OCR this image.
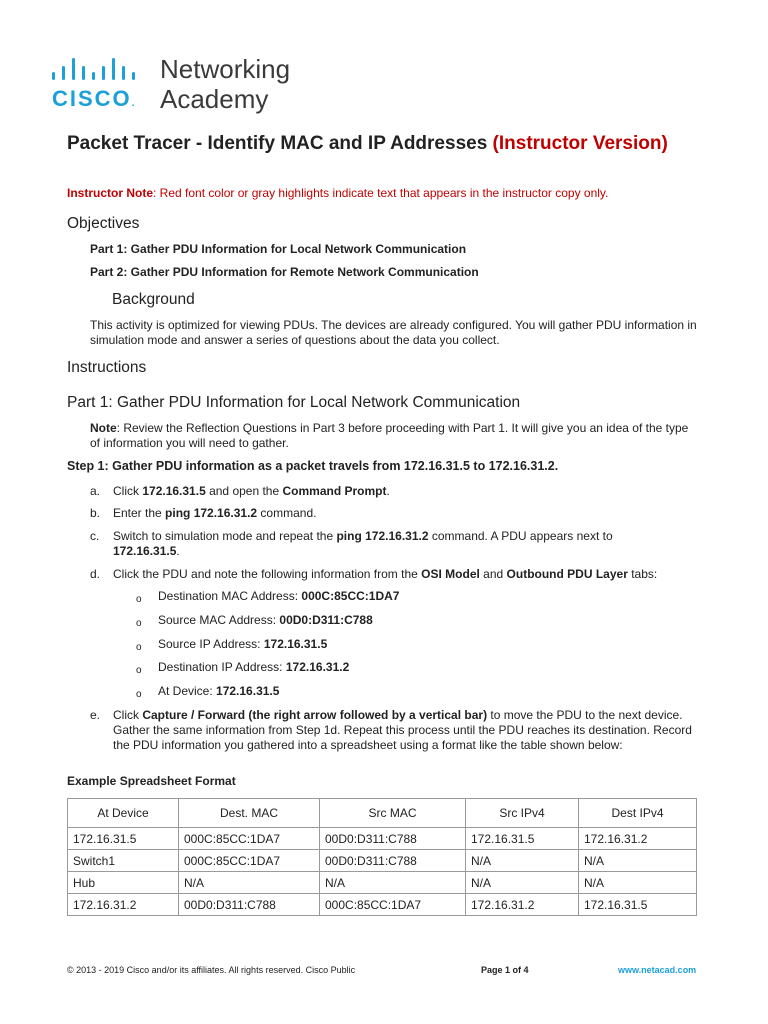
CISCO.
Networking
Academy
Packet Tracer - Identify MAC and IP Addresses (Instructor Version)
Instructor Note: Red font color or gray highlights indicate text that appears in the instructor copy only.
Objectives
Part 1: Gather PDU Information for Local Network Communication
Part 2: Gather PDU Information for Remote Network Communication
Background
This activity is optimized for viewing PDUs. The devices are already configured. You will gather PDU information in simulation mode and answer a series of questions about the data you collect.
Instructions
Part 1: Gather PDU Information for Local Network Communication
Note: Review the Reflection Questions in Part 3 before proceeding with Part 1. It will give you an idea of the type of information you will need to gather.
Step 1: Gather PDU information as a packet travels from 172.16.31.5 to 172.16.31.2.
a. Click 172.16.31.5 and open the Command Prompt.
b. Enter the ping 172.16.31.2 command.
c. Switch to simulation mode and repeat the ping 172.16.31.2 command. A PDU appears next to
172.16.31.5.
d. Click the PDU and note the following information from the OSI Model and Outbound PDU Layer tabs:
o Destination MAC Address: 000C:85CC:1DA7
o Source MAC Address: 00D0:D311:C788
o Source IP Address: 172.16.31.5
o Destination IP Address: 172.16.31.2
o At Device: 172.16.31.5
e. Click Capture / Forward (the right arrow followed by a vertical bar) to move the PDU to the next device. Gather the same information from Step 1d. Repeat this process until the PDU reaches its destination. Record the PDU information you gathered into a spreadsheet using a format like the table shown below:
Example Spreadsheet Format
At Device	Dest. MAC	Src MAC	Src IPv4	Dest IPv4
172.16.31.5	000C:85CC:1DA7	00D0:D311:C788	172.16.31.5	172.16.31.2
Switch1	000C:85CC:1DA7	00D0:D311:C788	N/A	N/A
Hub	N/A	N/A	N/A	N/A
172.16.31.2	00D0:D311:C788	000C:85CC:1DA7	172.16.31.2	172.16.31.5
© 2013 - 2019 Cisco and/or its affiliates. All rights reserved. Cisco Public	Page 1 of 4	www.netacad.com
